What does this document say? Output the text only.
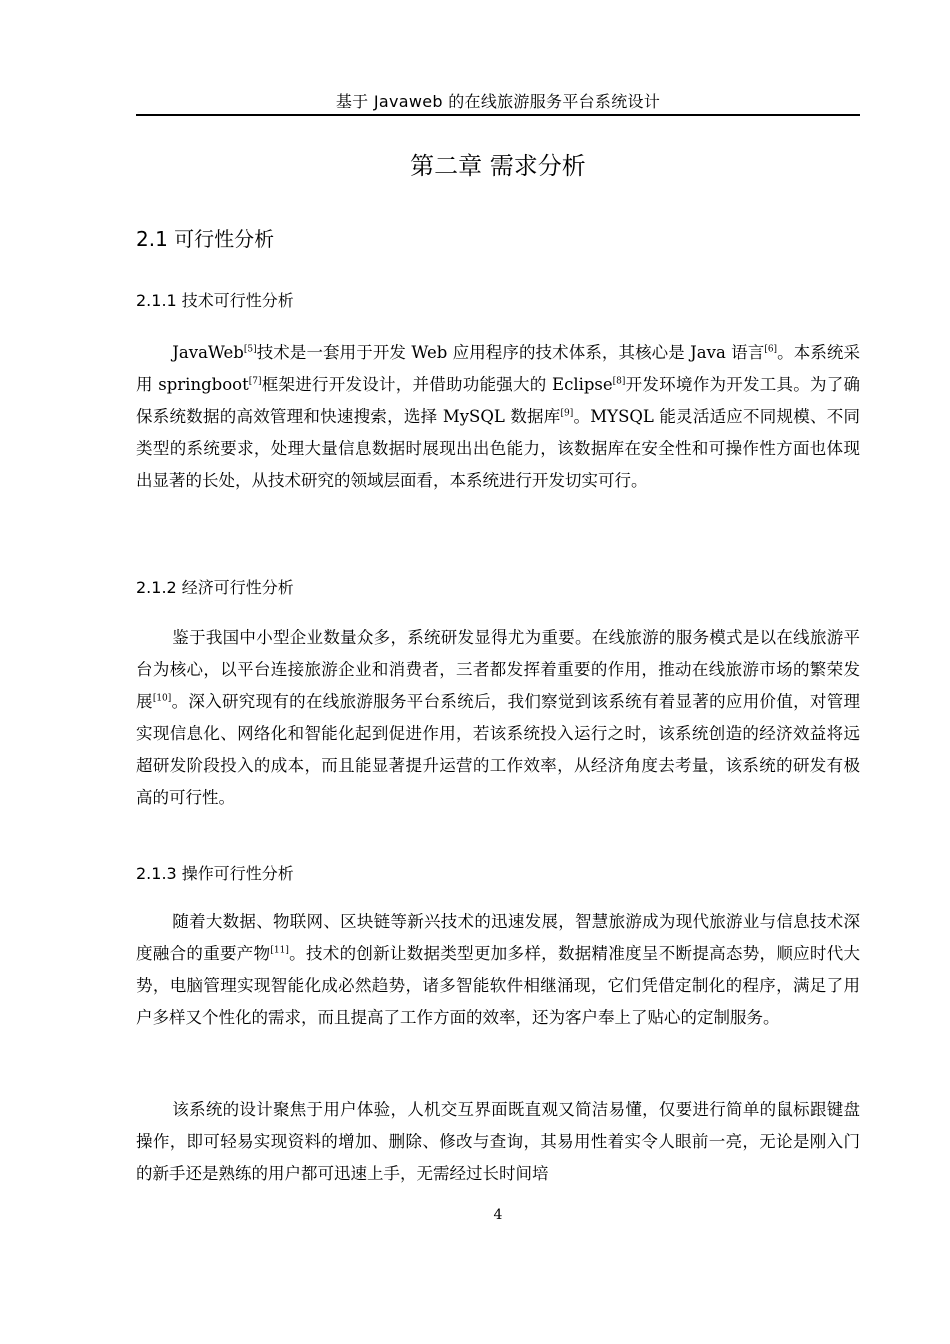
基于 Javaweb 的在线旅游服务平台系统设计
第二章 需求分析
2.1 可行性分析
2.1.1 技术可行性分析

JavaWeb[5]技术是一套用于开发 Web 应用程序的技术体系，其核心是 Java 语言[6]。本系统采用 springboot[7]框架进行开发设计，并借助功能强大的 Eclipse[8]开发环境作为开发工具。为了确保系统数据的高效管理和快速搜索，选择 MySQL 数据库[9]。MYSQL 能灵活适应不同规模、不同类型的系统要求，处理大量信息数据时展现出出色能力，该数据库在安全性和可操作性方面也体现出显著的长处，从技术研究的领域层面看，本系统进行开发切实可行。

2.1.2 经济可行性分析

鉴于我国中小型企业数量众多，系统研发显得尤为重要。在线旅游的服务模式是以在线旅游平台为核心，以平台连接旅游企业和消费者，三者都发挥着重要的作用，推动在线旅游市场的繁荣发展[10]。深入研究现有的在线旅游服务平台系统后，我们察觉到该系统有着显著的应用价值，对管理实现信息化、网络化和智能化起到促进作用，若该系统投入运行之时，该系统创造的经济效益将远超研发阶段投入的成本，而且能显著提升运营的工作效率，从经济角度去考量，该系统的研发有极高的可行性。

2.1.3 操作可行性分析

随着大数据、物联网、区块链等新兴技术的迅速发展，智慧旅游成为现代旅游业与信息技术深度融合的重要产物[11]。技术的创新让数据类型更加多样，数据精准度呈不断提高态势，顺应时代大势，电脑管理实现智能化成必然趋势，诸多智能软件相继涌现，它们凭借定制化的程序，满足了用户多样又个性化的需求，而且提高了工作方面的效率，还为客户奉上了贴心的定制服务。

该系统的设计聚焦于用户体验，人机交互界面既直观又简洁易懂，仅要进行简单的鼠标跟键盘操作，即可轻易实现资料的增加、删除、修改与查询，其易用性着实令人眼前一亮，无论是刚入门的新手还是熟练的用户都可迅速上手，无需经过长时间培

4
